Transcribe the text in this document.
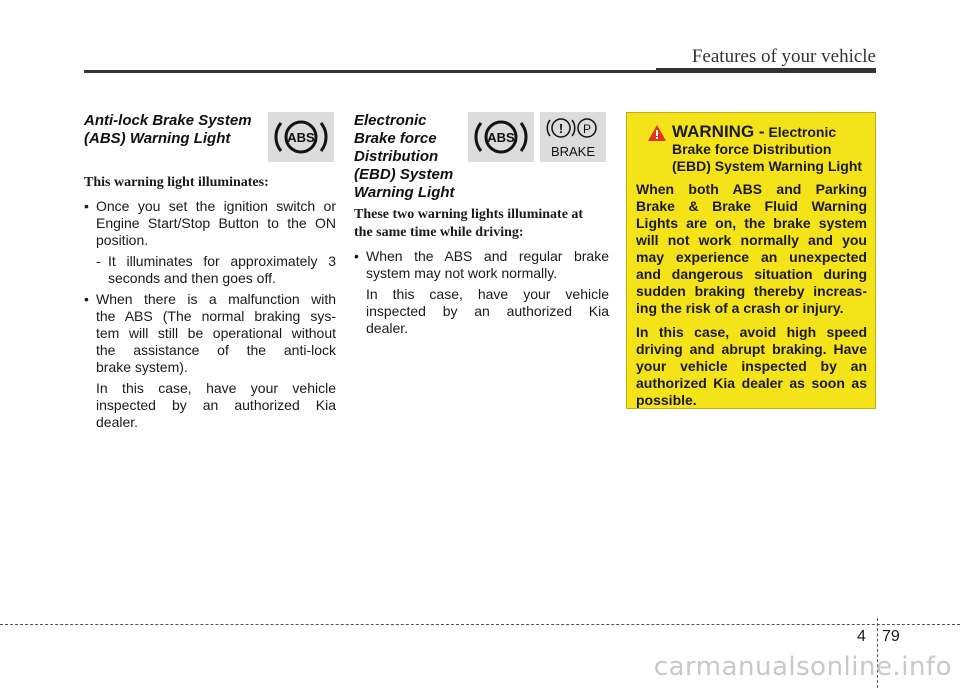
Features of your vehicle
Anti-lock Brake System
(ABS) Warning Light

This warning light illuminates:

• Once you set the ignition switch or
Engine Start/Stop Button to the ON
position.
- It illuminates for approximately 3
seconds and then goes off.
• When there is a malfunction with
the ABS (The normal braking sys-
tem will still be operational without
the assistance of the anti-lock
brake system).
In this case, have your vehicle
inspected by an authorized Kia
dealer.
ABS
Electronic
Brake force
Distribution
(EBD) System
Warning Light
These two warning lights illuminate at
the same time while driving:
• When the ABS and regular brake
system may not work normally.
In this case, have your vehicle
inspected by an authorized Kia
dealer.
ABS
! P
BRAKE
WARNING - Electronic
Brake force Distribution
(EBD) System Warning Light

When both ABS and Parking Brake & Brake Fluid Warning Lights are on, the brake system will not work normally and you may experience an unexpected and dangerous situation during sudden braking thereby increas-ing the risk of a crash or injury.

In this case, avoid high speed driving and abrupt braking. Have your vehicle inspected by an authorized Kia dealer as soon as possible.

4 79
carmanualsonline.info
